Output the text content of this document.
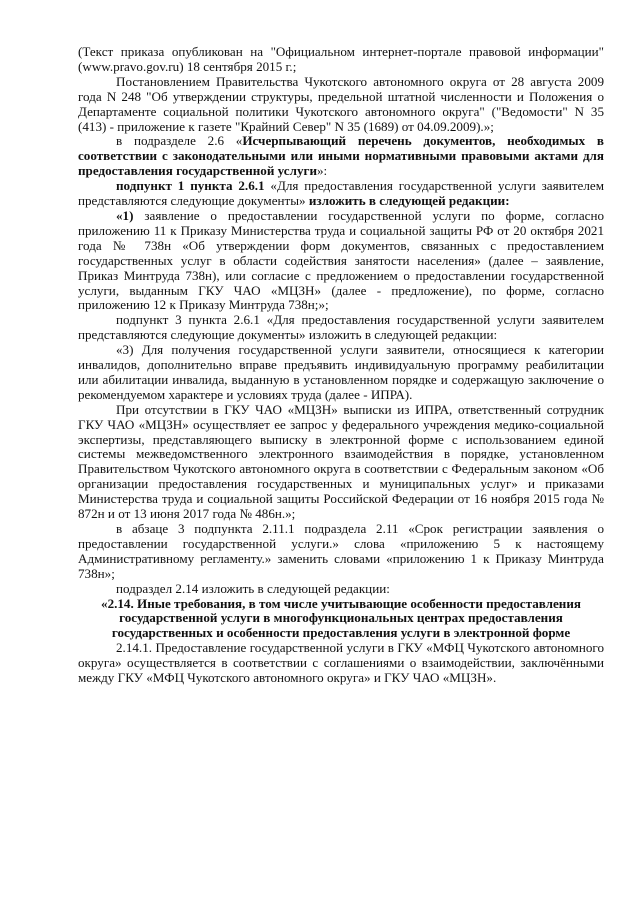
(Текст приказа опубликован на "Официальном интернет-портале правовой информации" (www.pravo.gov.ru) 18 сентября 2015 г.;

Постановлением Правительства Чукотского автономного округа от 28 августа 2009 года N 248 "Об утверждении структуры, предельной штатной численности и Положения о Департаменте социальной политики Чукотского автономного округа" ("Ведомости" N 35 (413) - приложение к газете "Крайний Север" N 35 (1689) от 04.09.2009).»;

в подразделе 2.6 «Исчерпывающий перечень документов, необходимых в соответствии с законодательными или иными нормативными правовыми актами для предоставления государственной услуги»:

подпункт 1 пункта 2.6.1 «Для предоставления государственной услуги заявителем представляются следующие документы» изложить в следующей редакции:

«1) заявление о предоставлении государственной услуги по форме, согласно приложению 11 к Приказу Министерства труда и социальной защиты РФ от 20 октября 2021 года № 738н «Об утверждении форм документов, связанных с предоставлением государственных услуг в области содействия занятости населения» (далее – заявление, Приказ Минтруда 738н), или согласие с предложением о предоставлении государственной услуги, выданным ГКУ ЧАО «МЦЗН» (далее - предложение), по форме, согласно приложению 12 к Приказу Минтруда 738н;»;

подпункт 3 пункта 2.6.1 «Для предоставления государственной услуги заявителем представляются следующие документы» изложить в следующей редакции:

«3) Для получения государственной услуги заявители, относящиеся к категории инвалидов, дополнительно вправе предъявить индивидуальную программу реабилитации или абилитации инвалида, выданную в установленном порядке и содержащую заключение о рекомендуемом характере и условиях труда (далее - ИПРА).

При отсутствии в ГКУ ЧАО «МЦЗН» выписки из ИПРА, ответственный сотрудник ГКУ ЧАО «МЦЗН» осуществляет ее запрос у федерального учреждения медико-социальной экспертизы, представляющего выписку в электронной форме с использованием единой системы межведомственного электронного взаимодействия в порядке, установленном Правительством Чукотского автономного округа в соответствии с Федеральным законом «Об организации предоставления государственных и муниципальных услуг» и приказами Министерства труда и социальной защиты Российской Федерации от 16 ноября 2015 года № 872н и от 13 июня 2017 года № 486н.»;

в абзаце 3 подпункта 2.11.1 подраздела 2.11 «Срок регистрации заявления о предоставлении государственной услуги.» слова «приложению 5 к настоящему Административному регламенту.» заменить словами «приложению 1 к Приказу Минтруда 738н»;

подраздел 2.14 изложить в следующей редакции:

«2.14. Иные требования, в том числе учитывающие особенности предоставления государственной услуги в многофункциональных центрах предоставления государственных и особенности предоставления услуги в электронной форме

2.14.1. Предоставление государственной услуги в ГКУ «МФЦ Чукотского автономного округа» осуществляется в соответствии с соглашениями о взаимодействии, заключёнными между ГКУ «МФЦ Чукотского автономного округа» и ГКУ ЧАО «МЦЗН».
